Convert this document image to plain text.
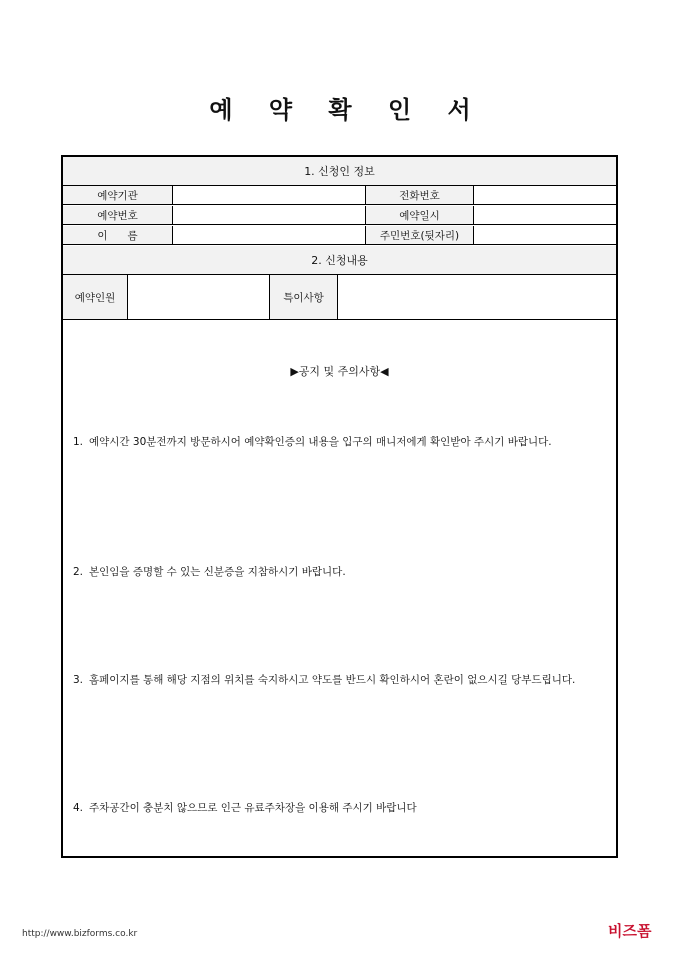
예 약 확 인 서
1. 신청인 정보
예약기관	전화번호
예약번호	예약일시
이      름	주민번호(뒷자리)
2. 신청내용
예약인원	특이사항
▶공지 및 주의사항◀
1. 예약시간 30분전까지 방문하시어 예약확인증의 내용을 입구의 매니저에게 확인받아 주시기 바랍니다.
2. 본인임을 증명할 수 있는 신분증을 지참하시기 바랍니다.
3. 홈페이지를 통해 해당 지점의 위치를 숙지하시고 약도를 반드시 확인하시어 혼란이 없으시길 당부드립니다.
4. 주차공간이 충분치 않으므로 인근 유료주차장을 이용해 주시기 바랍니다
http://www.bizforms.co.kr	비즈폼
